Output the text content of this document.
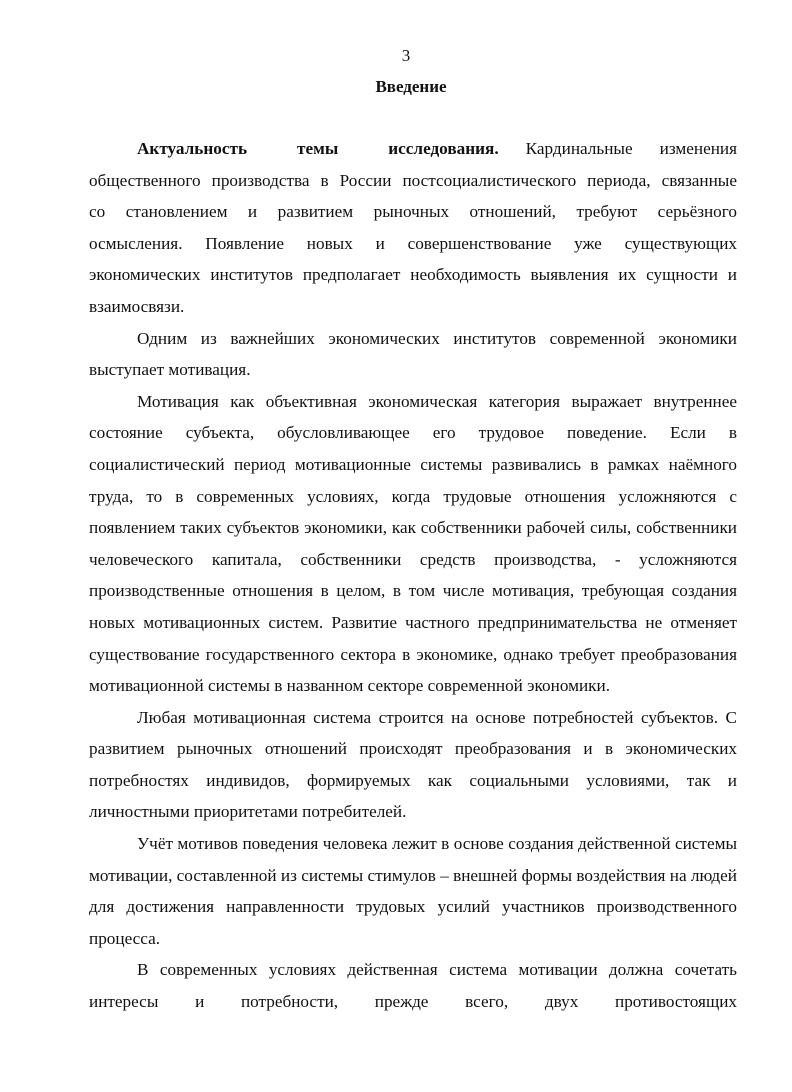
3
Введение

Актуальность темы исследования. Кардинальные изменения общественного производства в России постсоциалистического периода, связанные со становлением и развитием рыночных отношений, требуют серьёзного осмысления. Появление новых и совершенствование уже существующих экономических институтов предполагает необходимость выявления их сущности и взаимосвязи.

Одним из важнейших экономических институтов современной экономики выступает мотивация.

Мотивация как объективная экономическая категория выражает внутреннее состояние субъекта, обусловливающее его трудовое поведение. Если в социалистический период мотивационные системы развивались в рамках наёмного труда, то в современных условиях, когда трудовые отношения усложняются с появлением таких субъектов экономики, как собственники рабочей силы, собственники человеческого капитала, собственники средств производства, - усложняются производственные отношения в целом, в том числе мотивация, требующая создания новых мотивационных систем. Развитие частного предпринимательства не отменяет существование государственного сектора в экономике, однако требует преобразования мотивационной системы в названном секторе современной экономики.

Любая мотивационная система строится на основе потребностей субъектов. С развитием рыночных отношений происходят преобразования и в экономических потребностях индивидов, формируемых как социальными условиями, так и личностными приоритетами потребителей.

Учёт мотивов поведения человека лежит в основе создания действенной системы мотивации, составленной из системы стимулов – внешней формы воздействия на людей для достижения направленности трудовых усилий участников производственного процесса.

В современных условиях действенная система мотивации должна сочетать интересы и потребности, прежде всего, двух противостоящих
